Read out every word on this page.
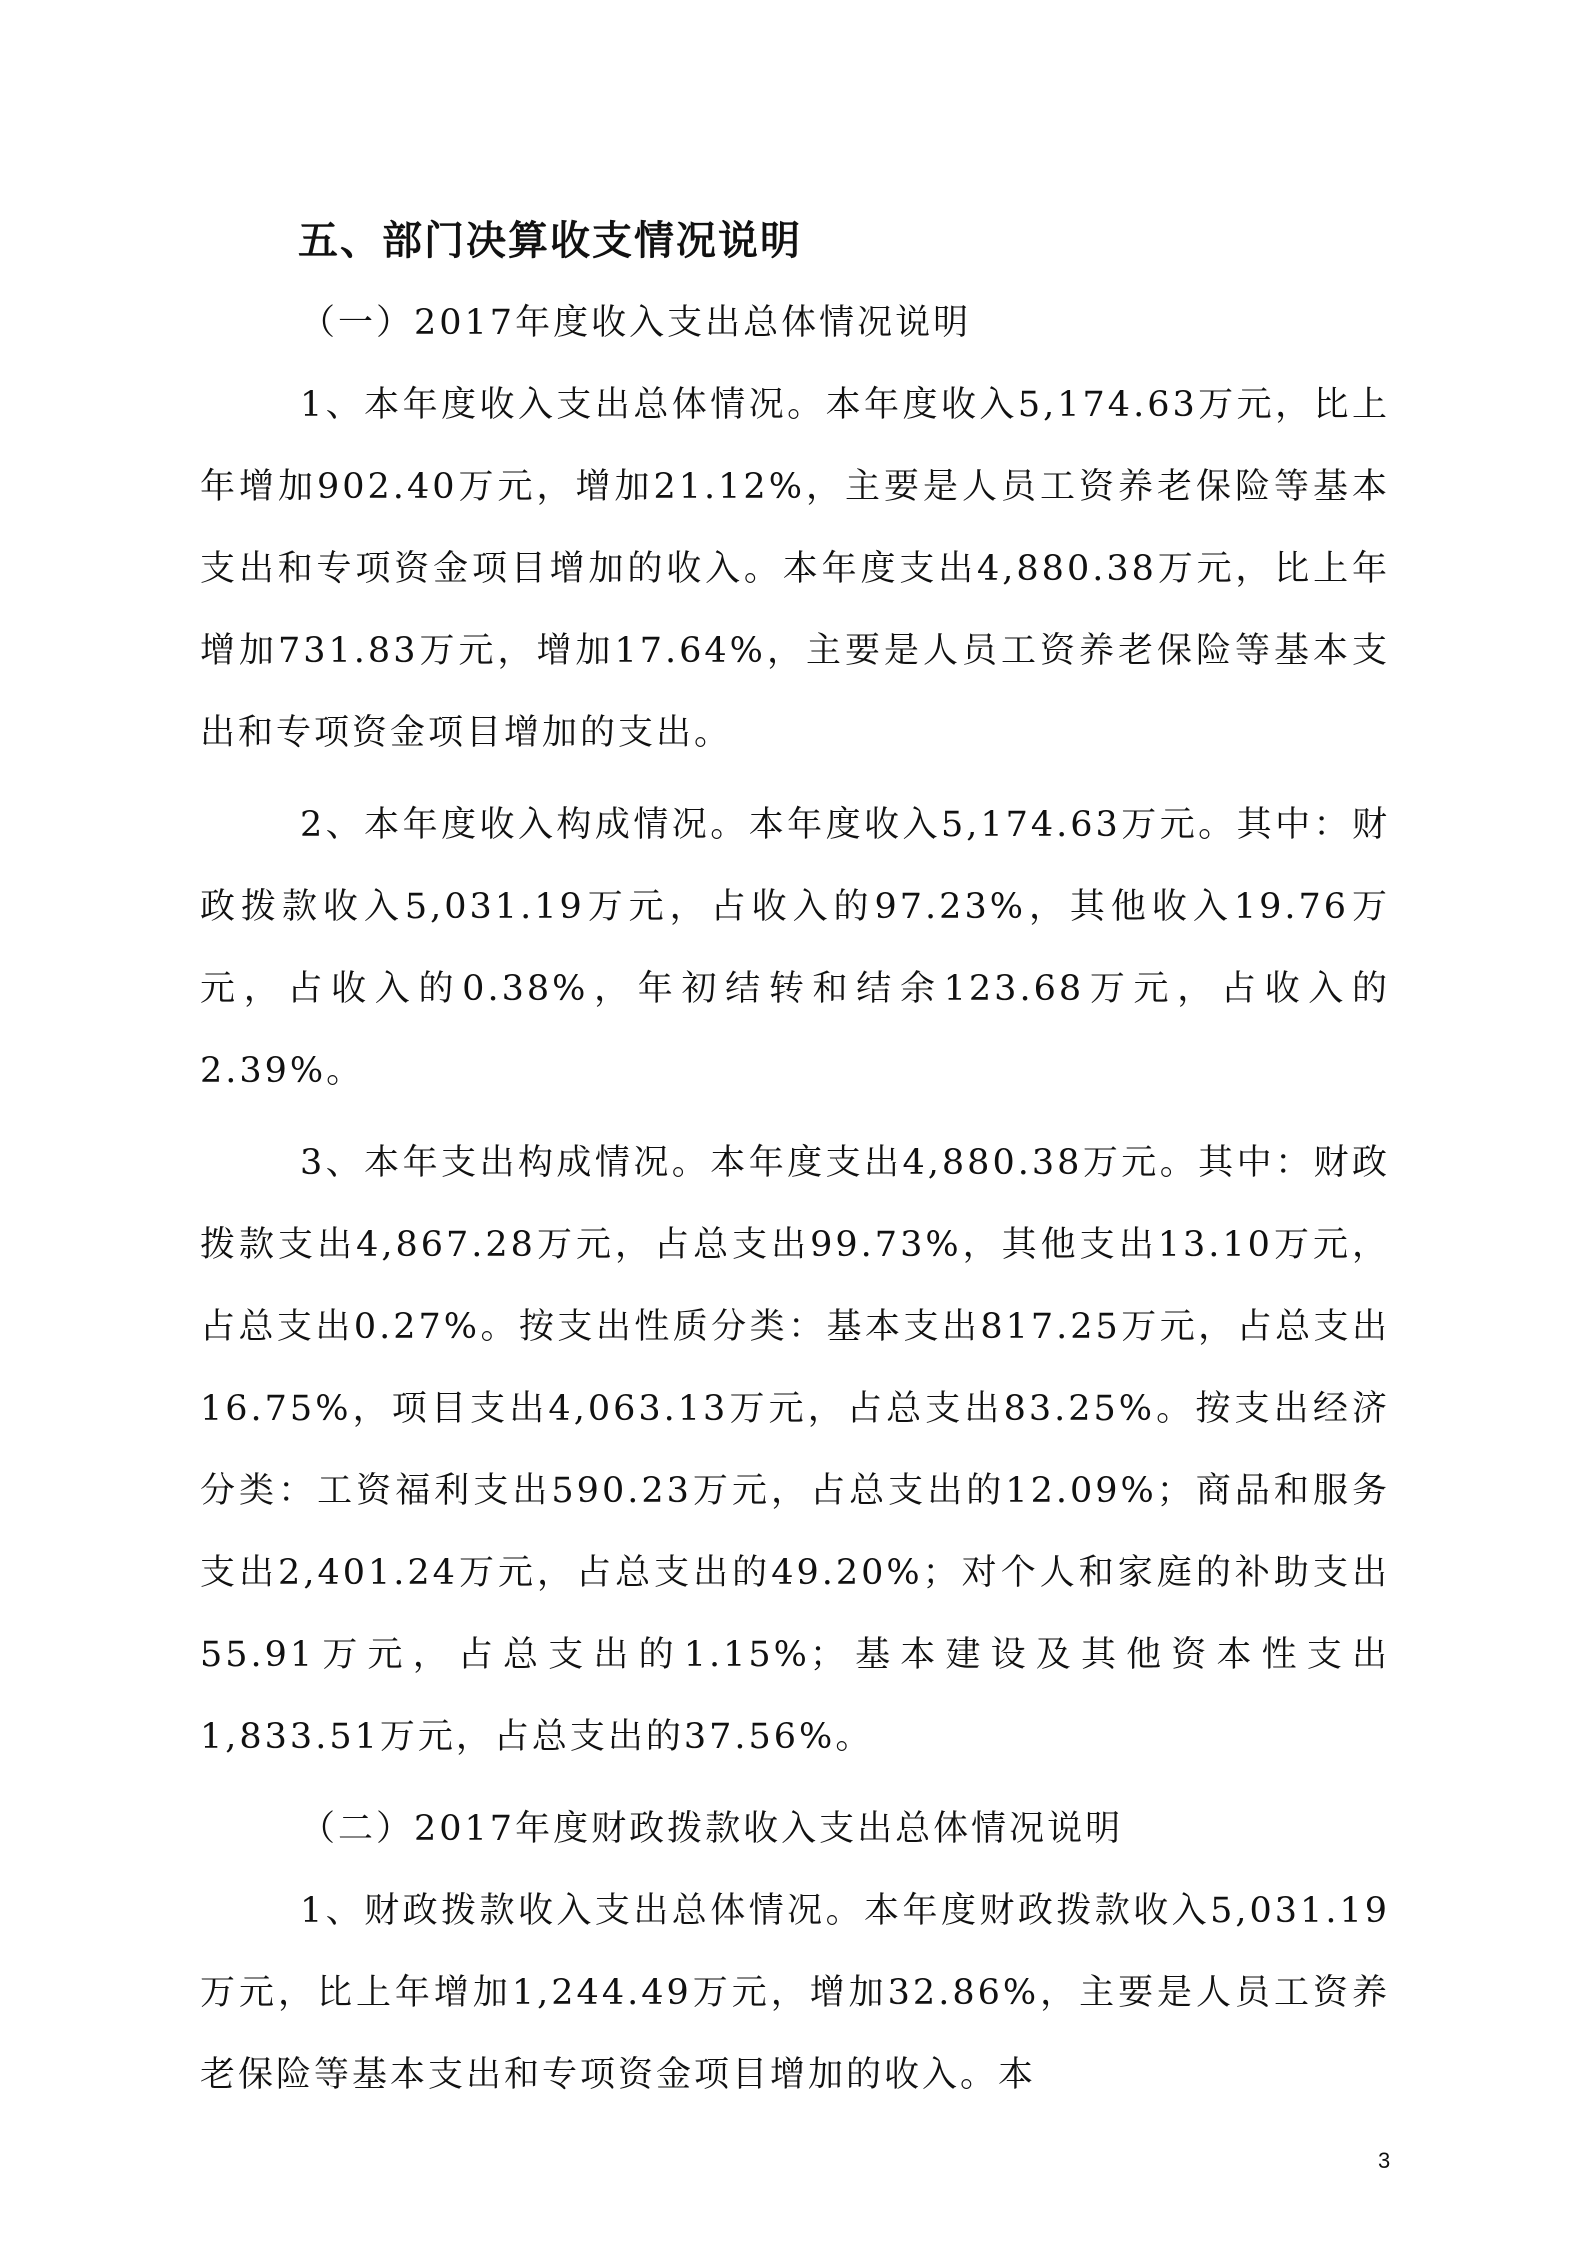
五、部门决算收支情况说明

（一）2017年度收入支出总体情况说明

1、本年度收入支出总体情况。本年度收入5,174.63万元，比上年增加902.40万元，增加21.12%，主要是人员工资养老保险等基本支出和专项资金项目增加的收入。本年度支出4,880.38万元，比上年增加731.83万元，增加17.64%，主要是人员工资养老保险等基本支出和专项资金项目增加的支出。

2、本年度收入构成情况。本年度收入5,174.63万元。其中：财政拨款收入5,031.19万元，占收入的97.23%，其他收入19.76万元，占收入的0.38%，年初结转和结余123.68万元，占收入的2.39%。

3、本年支出构成情况。本年度支出4,880.38万元。其中：财政拨款支出4,867.28万元，占总支出99.73%，其他支出13.10万元，占总支出0.27%。按支出性质分类：基本支出817.25万元，占总支出16.75%，项目支出4,063.13万元，占总支出83.25%。按支出经济分类：工资福利支出590.23万元，占总支出的12.09%；商品和服务支出2,401.24万元，占总支出的49.20%；对个人和家庭的补助支出55.91万元，占总支出的1.15%；基本建设及其他资本性支出1,833.51万元，占总支出的37.56%。

（二）2017年度财政拨款收入支出总体情况说明

1、财政拨款收入支出总体情况。本年度财政拨款收入5,031.19万元，比上年增加1,244.49万元，增加32.86%，主要是人员工资养老保险等基本支出和专项资金项目增加的收入。本

3
